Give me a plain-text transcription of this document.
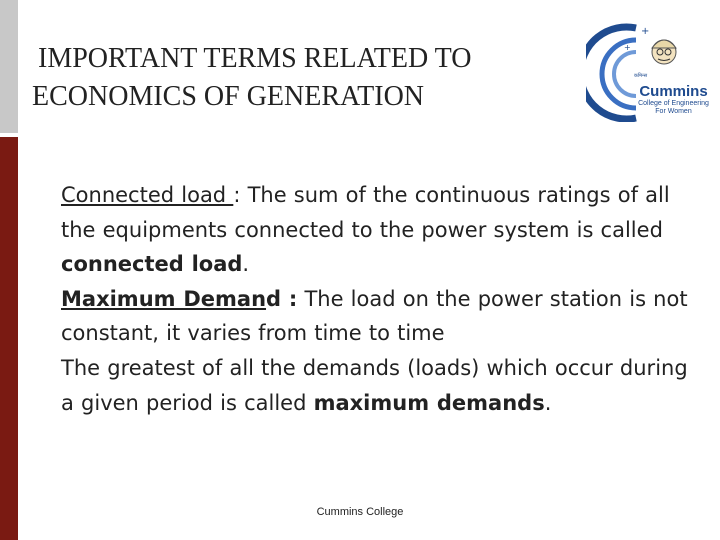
IMPORTANT TERMS RELATED TO
ECONOMICS OF GENERATION
+
+
कमिन्स
Cummins
College of Engineering
For Women

Connected load : The sum of the continuous ratings of all the equipments connected to the power system is called connected load.

Maximum Demand : The load on the power station is not constant, it varies from time to time

The greatest of all the demands (loads) which occur during a given period is called maximum demands.

Cummins College
